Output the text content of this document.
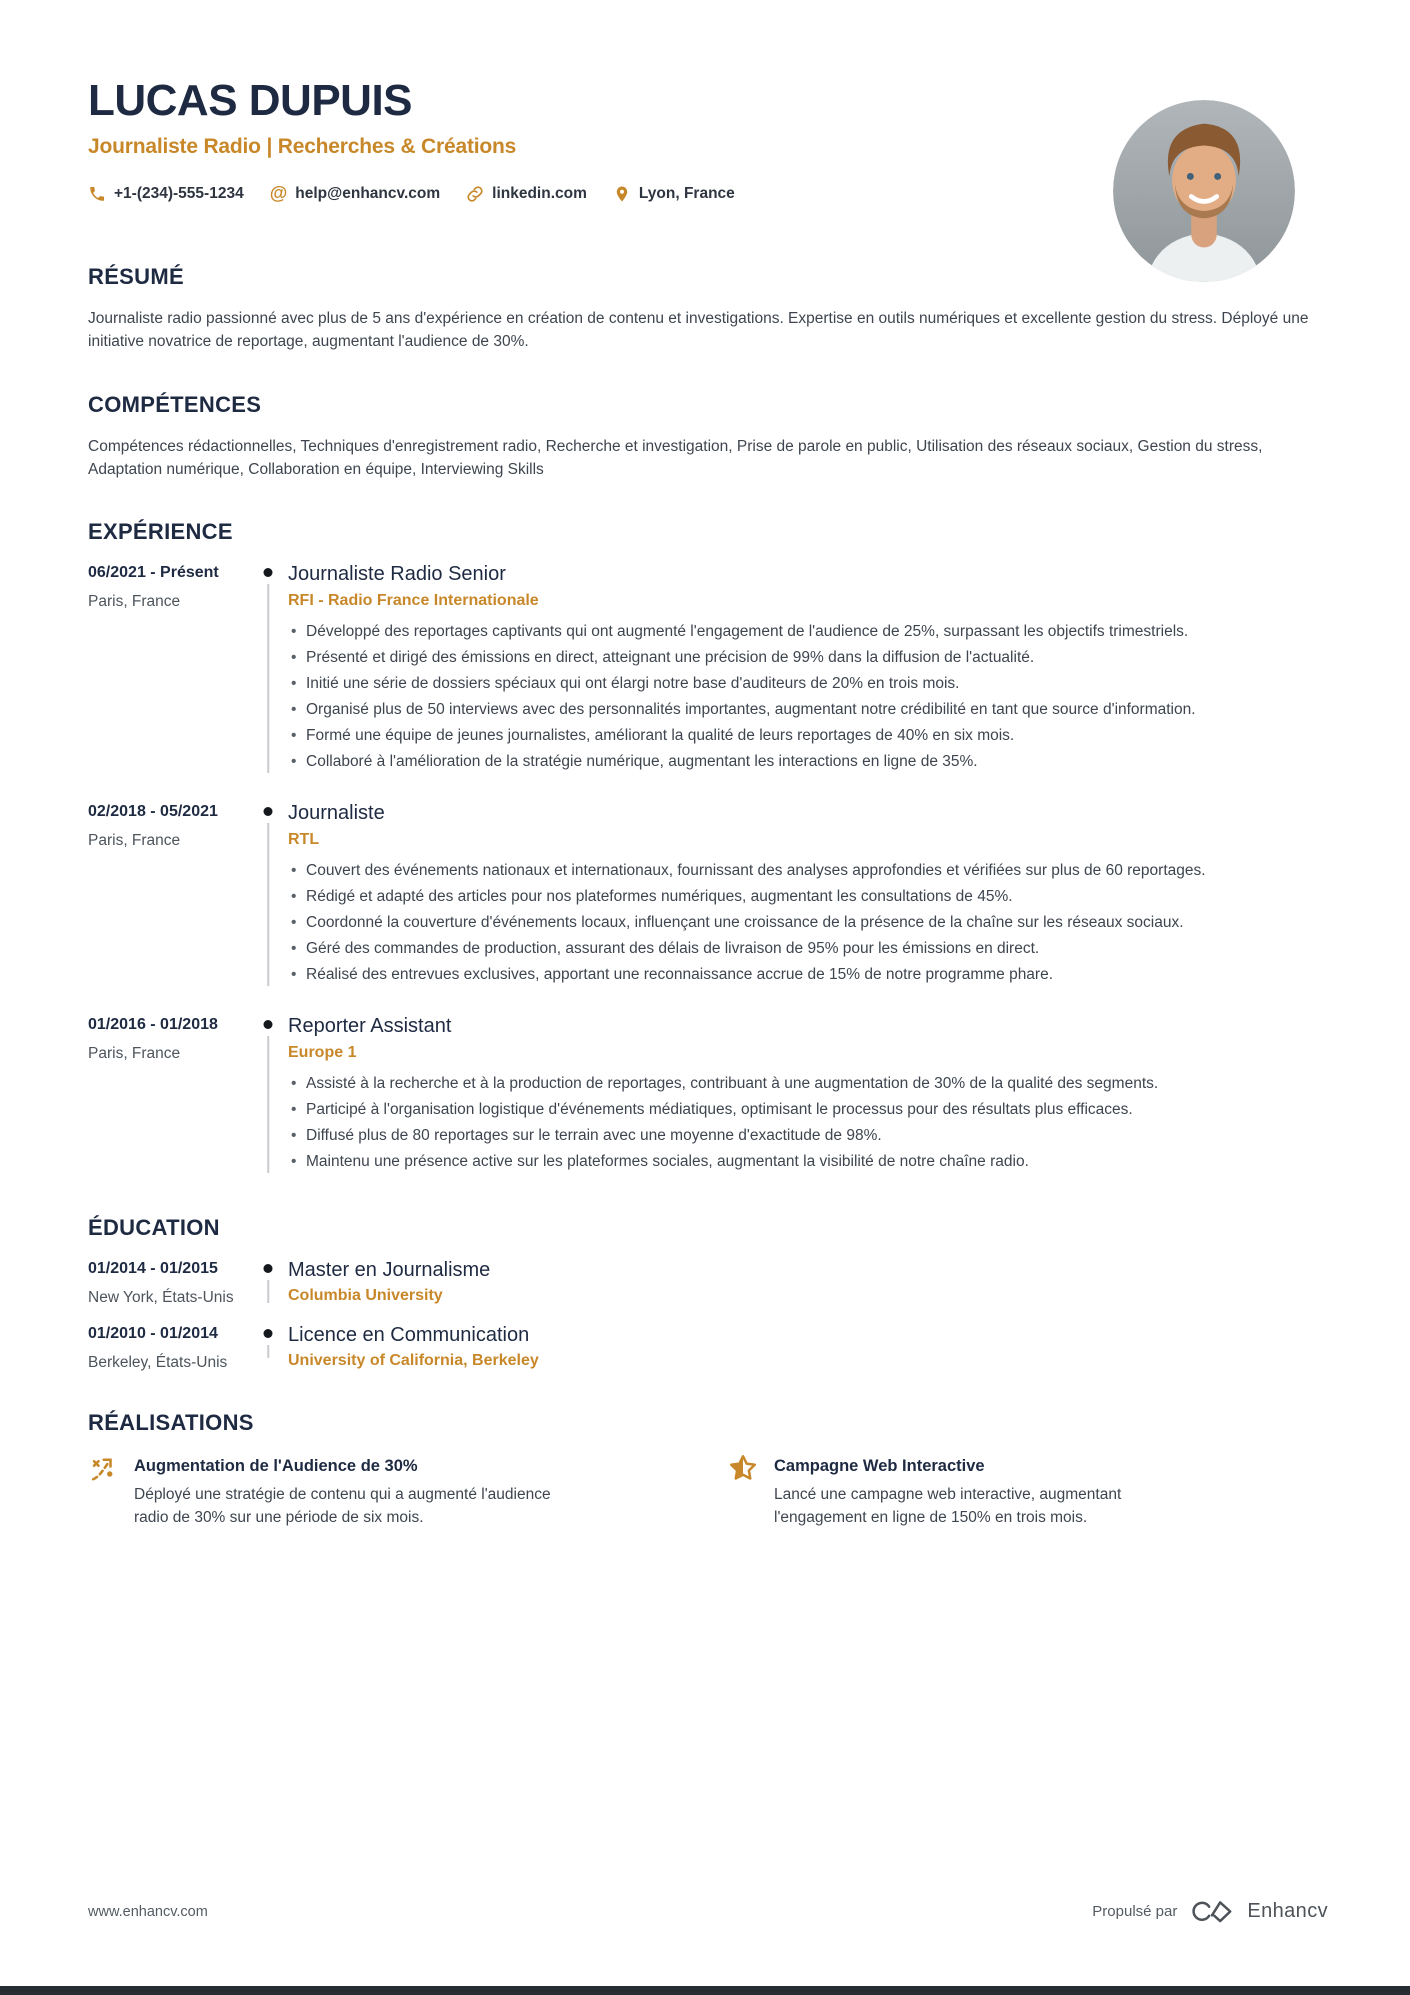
LUCAS DUPUIS
Journaliste Radio | Recherches & Créations
+1-(234)-555-1234 @ help@enhancv.com	linkedin.com	Lyon, France
RÉSUMÉ
Journaliste radio passionné avec plus de 5 ans d'expérience en création de contenu et investigations. Expertise en outils numériques et excellente gestion du stress. Déployé une initiative novatrice de reportage, augmentant l'audience de 30%.
COMPÉTENCES
Compétences rédactionnelles, Techniques d'enregistrement radio, Recherche et investigation, Prise de parole en public, Utilisation des réseaux sociaux, Gestion du stress, Adaptation numérique, Collaboration en équipe, Interviewing Skills
EXPÉRIENCE
06/2021 - Présent
Paris, France
Journaliste Radio Senior
RFI - Radio France Internationale
• Développé des reportages captivants qui ont augmenté l'engagement de l'audience de 25%, surpassant les objectifs trimestriels.
• Présenté et dirigé des émissions en direct, atteignant une précision de 99% dans la diffusion de l'actualité.
• Initié une série de dossiers spéciaux qui ont élargi notre base d'auditeurs de 20% en trois mois.
• Organisé plus de 50 interviews avec des personnalités importantes, augmentant notre crédibilité en tant que source d'information.
• Formé une équipe de jeunes journalistes, améliorant la qualité de leurs reportages de 40% en six mois.
• Collaboré à l'amélioration de la stratégie numérique, augmentant les interactions en ligne de 35%.
02/2018 - 05/2021
Paris, France
Journaliste
RTL
• Couvert des événements nationaux et internationaux, fournissant des analyses approfondies et vérifiées sur plus de 60 reportages.
• Rédigé et adapté des articles pour nos plateformes numériques, augmentant les consultations de 45%.
• Coordonné la couverture d'événements locaux, influençant une croissance de la présence de la chaîne sur les réseaux sociaux.
• Géré des commandes de production, assurant des délais de livraison de 95% pour les émissions en direct.
• Réalisé des entrevues exclusives, apportant une reconnaissance accrue de 15% de notre programme phare.
01/2016 - 01/2018
Paris, France
Reporter Assistant
Europe 1
• Assisté à la recherche et à la production de reportages, contribuant à une augmentation de 30% de la qualité des segments.
• Participé à l'organisation logistique d'événements médiatiques, optimisant le processus pour des résultats plus efficaces.
• Diffusé plus de 80 reportages sur le terrain avec une moyenne d'exactitude de 98%.
• Maintenu une présence active sur les plateformes sociales, augmentant la visibilité de notre chaîne radio.
ÉDUCATION
01/2014 - 01/2015
New York, États-Unis
Master en Journalisme
Columbia University
01/2010 - 01/2014
Berkeley, États-Unis
Licence en Communication
University of California, Berkeley
RÉALISATIONS
Augmentation de l'Audience de 30%
Déployé une stratégie de contenu qui a augmenté l'audience radio de 30% sur une période de six mois.
Campagne Web Interactive
Lancé une campagne web interactive, augmentant l'engagement en ligne de 150% en trois mois.
www.enhancv.com	Propulsé par	Enhancv
